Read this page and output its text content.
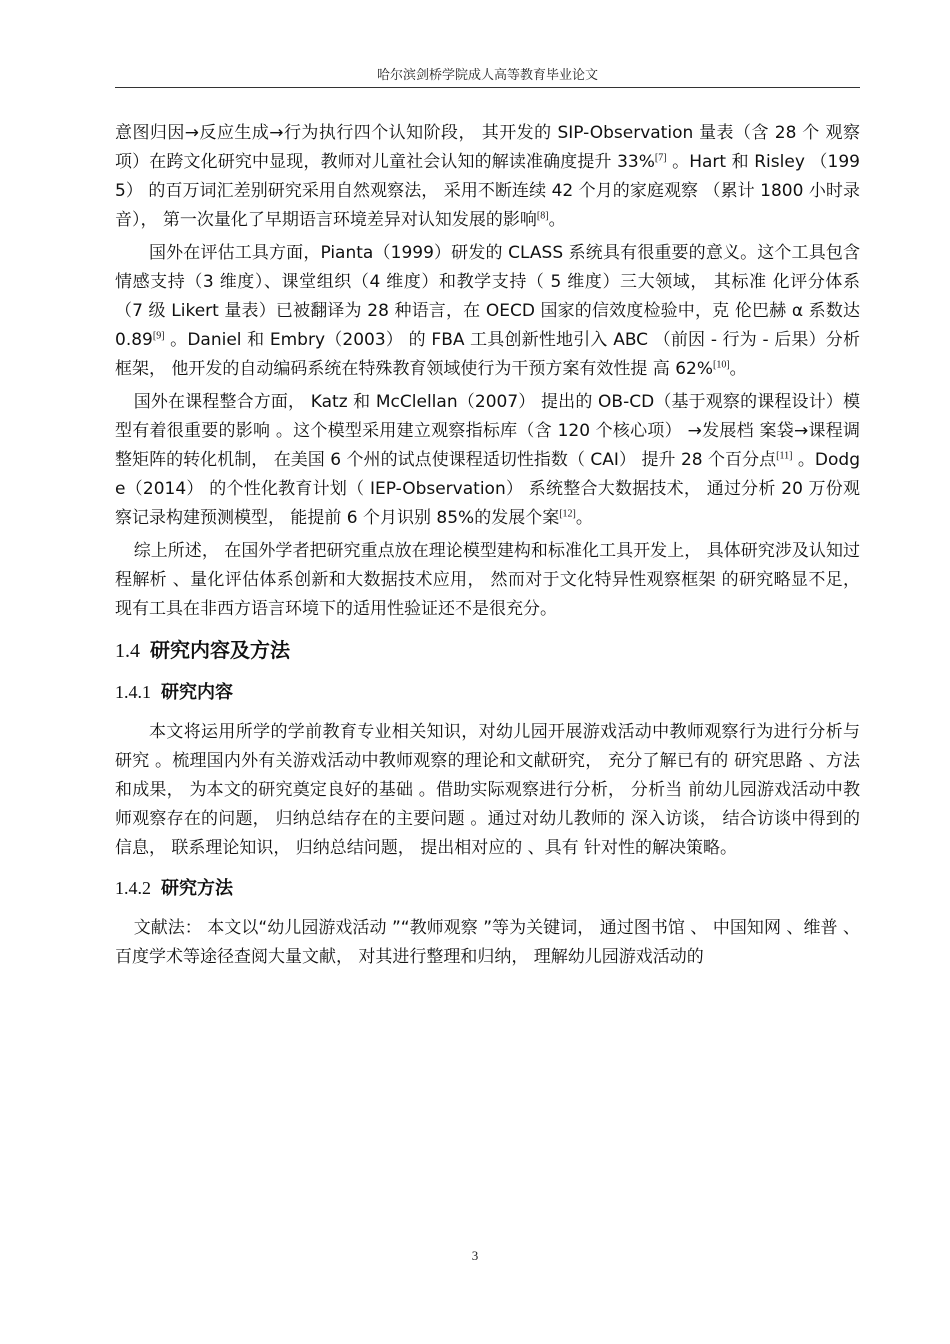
哈尔滨剑桥学院成人高等教育毕业论文

意图归因→反应生成→行为执行四个认知阶段， 其开发的 SIP-Observation 量表（含 28 个 观察项）在跨文化研究中显现，教师对儿童社会认知的解读准确度提升 33%[7] 。Hart 和 Risley （1995） 的百万词汇差别研究采用自然观察法， 采用不断连续 42 个月的家庭观察 （累计 1800 小时录音）， 第一次量化了早期语言环境差异对认知发展的影响[8]。

国外在评估工具方面，Pianta（1999）研发的 CLASS 系统具有很重要的意义。这个工具包含情感支持（3 维度）、课堂组织（4 维度）和教学支持（ 5 维度）三大领域， 其标准 化评分体系（7 级 Likert 量表）已被翻译为 28 种语言，在 OECD 国家的信效度检验中，克 伦巴赫 α 系数达 0.89[9] 。Daniel 和 Embry（2003） 的 FBA 工具创新性地引入 ABC （前因 - 行为 - 后果）分析框架， 他开发的自动编码系统在特殊教育领域使行为干预方案有效性提 高 62%[10]。

国外在课程整合方面， Katz 和 McClellan（2007） 提出的 OB-CD（基于观察的课程设计）模型有着很重要的影响 。这个模型采用建立观察指标库（含 120 个核心项） →发展档 案袋→课程调整矩阵的转化机制， 在美国 6 个州的试点使课程适切性指数（ CAI） 提升 28 个百分点[11] 。Dodge（2014） 的个性化教育计划（ IEP-Observation） 系统整合大数据技术， 通过分析 20 万份观察记录构建预测模型， 能提前 6 个月识别 85%的发展个案[12]。

综上所述， 在国外学者把研究重点放在理论模型建构和标准化工具开发上， 具体研究涉及认知过程解析 、量化评估体系创新和大数据技术应用， 然而对于文化特异性观察框架 的研究略显不足， 现有工具在非西方语言环境下的适用性验证还不是很充分。

1.4 研究内容及方法
1.4.1 研究内容

本文将运用所学的学前教育专业相关知识，对幼儿园开展游戏活动中教师观察行为进行分析与研究 。梳理国内外有关游戏活动中教师观察的理论和文献研究， 充分了解已有的 研究思路 、方法和成果， 为本文的研究奠定良好的基础 。借助实际观察进行分析， 分析当 前幼儿园游戏活动中教师观察存在的问题， 归纳总结存在的主要问题 。通过对幼儿教师的 深入访谈， 结合访谈中得到的信息， 联系理论知识， 归纳总结问题， 提出相对应的 、具有 针对性的解决策略。

1.4.2 研究方法

文献法： 本文以“幼儿园游戏活动 ”“教师观察 ”等为关键词， 通过图书馆 、 中国知网 、维普 、百度学术等途径查阅大量文献， 对其进行整理和归纳， 理解幼儿园游戏活动的

3
